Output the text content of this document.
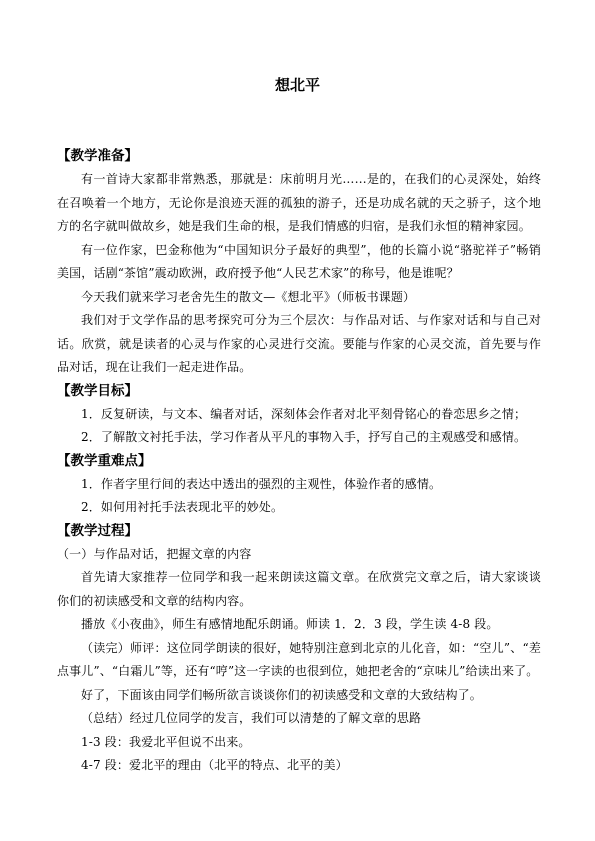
想北平
【教学准备】

有一首诗大家都非常熟悉，那就是：床前明月光……是的，在我们的心灵深处，始终在召唤着一个地方，无论你是浪迹天涯的孤独的游子，还是功成名就的天之骄子，这个地方的名字就叫做故乡，她是我们生命的根，是我们情感的归宿，是我们永恒的精神家园。

有一位作家，巴金称他为“中国知识分子最好的典型”，他的长篇小说“骆驼祥子”畅销美国，话剧“茶馆”震动欧洲，政府授予他“人民艺术家”的称号，他是谁呢？

今天我们就来学习老舍先生的散文—《想北平》（师板书课题）

我们对于文学作品的思考探究可分为三个层次：与作品对话、与作家对话和与自己对话。欣赏，就是读者的心灵与作家的心灵进行交流。要能与作家的心灵交流，首先要与作品对话，现在让我们一起走进作品。

【教学目标】

1．反复研读，与文本、编者对话，深刻体会作者对北平刻骨铭心的眷恋思乡之情；

2．了解散文衬托手法，学习作者从平凡的事物入手，抒写自己的主观感受和感情。

【教学重难点】

1．作者字里行间的表达中透出的强烈的主观性，体验作者的感情。

2．如何用衬托手法表现北平的妙处。

【教学过程】

（一）与作品对话，把握文章的内容

首先请大家推荐一位同学和我一起来朗读这篇文章。在欣赏完文章之后，请大家谈谈你们的初读感受和文章的结构内容。

播放《小夜曲》，师生有感情地配乐朗诵。师读 1．2．3 段，学生读 4-8 段。

（读完）师评：这位同学朗读的很好，她特别注意到北京的儿化音，如：“空儿”、“差点事儿”、“白霜儿”等，还有“哼”这一字读的也很到位，她把老舍的“京味儿”给读出来了。

好了，下面该由同学们畅所欲言谈谈你们的初读感受和文章的大致结构了。

（总结）经过几位同学的发言，我们可以清楚的了解文章的思路

1-3 段：我爱北平但说不出来。

4-7 段：爱北平的理由（北平的特点、北平的美）
